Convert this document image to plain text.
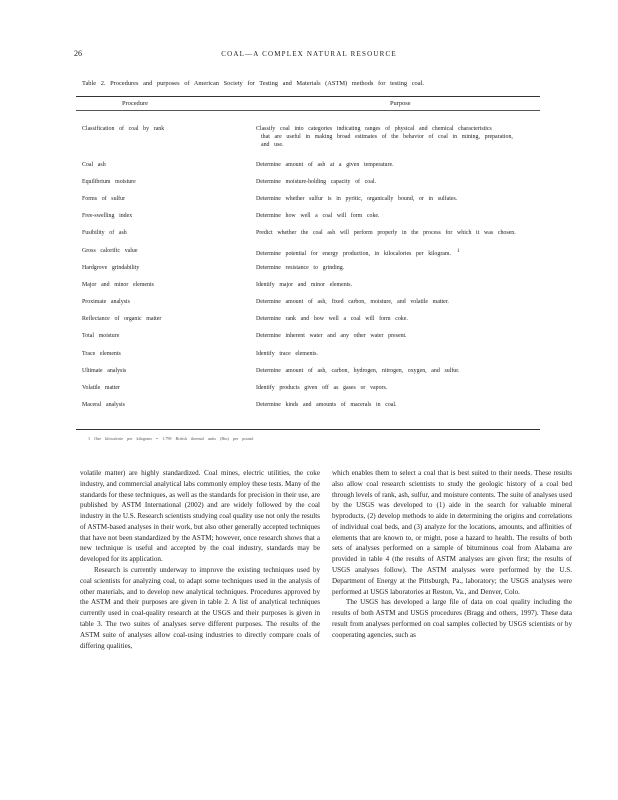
26	COAL—A COMPLEX NATURAL RESOURCE
Table 2. Procedures and purposes of American Society for Testing and Materials (ASTM) methods for testing coal.
Procedure	Purpose
Classification of coal by rank	Classify coal into categories indicating ranges of physical and chemical characteristics
that are useful in making broad estimates of the behavior of coal in mining, preparation,
and use.
Coal ash	Determine amount of ash at a given temperature.
Equilibrium moisture	Determine moisture-holding capacity of coal.
Forms of sulfur	Determine whether sulfur is in pyritic, organically bound, or in sulfates.
Free-swelling index	Determine how well a coal will form coke.
Fusibility of ash	Predict whether the coal ash will perform properly in the process for which it was chosen.
Gross calorific value	Determine potential for energy production, in kilocalories per kilogram. $^1$
Hardgrove grindability	Determine resistance to grinding.
Major and minor elements	Identify major and minor elements.
Proximate analysis	Determine amount of ash, fixed carbon, moisture, and volatile matter.
Reflectance of organic matter	Determine rank and how well a coal will form coke.
Total moisture	Determine inherent water and any other water present.
Trace elements	Identify trace elements.
Ultimate analysis	Determine amount of ash, carbon, hydrogen, nitrogen, oxygen, and sulfur.
Volatile matter	Identify products given off as gases or vapors.
Maceral analysis	Determine kinds and amounts of macerals in coal.
1 One kilocalorie per kilogram = 1.799 British thermal units (Btu) per pound.

volatile matter) are highly standardized. Coal mines, electric utilities, the coke industry, and commercial analytical labs commonly employ these tests. Many of the standards for these techniques, as well as the standards for precision in their use, are published by ASTM International (2002) and are widely followed by the coal industry in the U.S. Research scientists studying coal quality use not only the results of ASTM-based analyses in their work, but also other generally accepted techniques that have not been standardized by the ASTM; however, once research shows that a new technique is useful and accepted by the coal industry, standards may be developed for its application.

Research is currently underway to improve the existing techniques used by coal scientists for analyzing coal, to adapt some techniques used in the analysis of other materials, and to develop new analytical techniques. Procedures approved by the ASTM and their purposes are given in table 2. A list of analytical techniques currently used in coal-quality research at the USGS and their purposes is given in table 3. The two suites of analyses serve different purposes. The results of the ASTM suite of analyses allow coal-using industries to directly compare coals of differing qualities,

which enables them to select a coal that is best suited to their needs. These results also allow coal research scientists to study the geologic history of a coal bed through levels of rank, ash, sulfur, and moisture contents. The suite of analyses used by the USGS was developed to (1) aide in the search for valuable mineral byproducts, (2) develop methods to aide in determining the origins and correlations of individual coal beds, and (3) analyze for the locations, amounts, and affinities of elements that are known to, or might, pose a hazard to health. The results of both sets of analyses performed on a sample of bituminous coal from Alabama are provided in table 4 (the results of ASTM analyses are given first; the results of USGS analyses follow). The ASTM analyses were performed by the U.S. Department of Energy at the Pittsburgh, Pa., laboratory; the USGS analyses were performed at USGS laboratories at Reston, Va., and Denver, Colo.

The USGS has developed a large file of data on coal quality including the results of both ASTM and USGS procedures (Bragg and others, 1997). These data result from analyses performed on coal samples collected by USGS scientists or by cooperating agencies, such as
